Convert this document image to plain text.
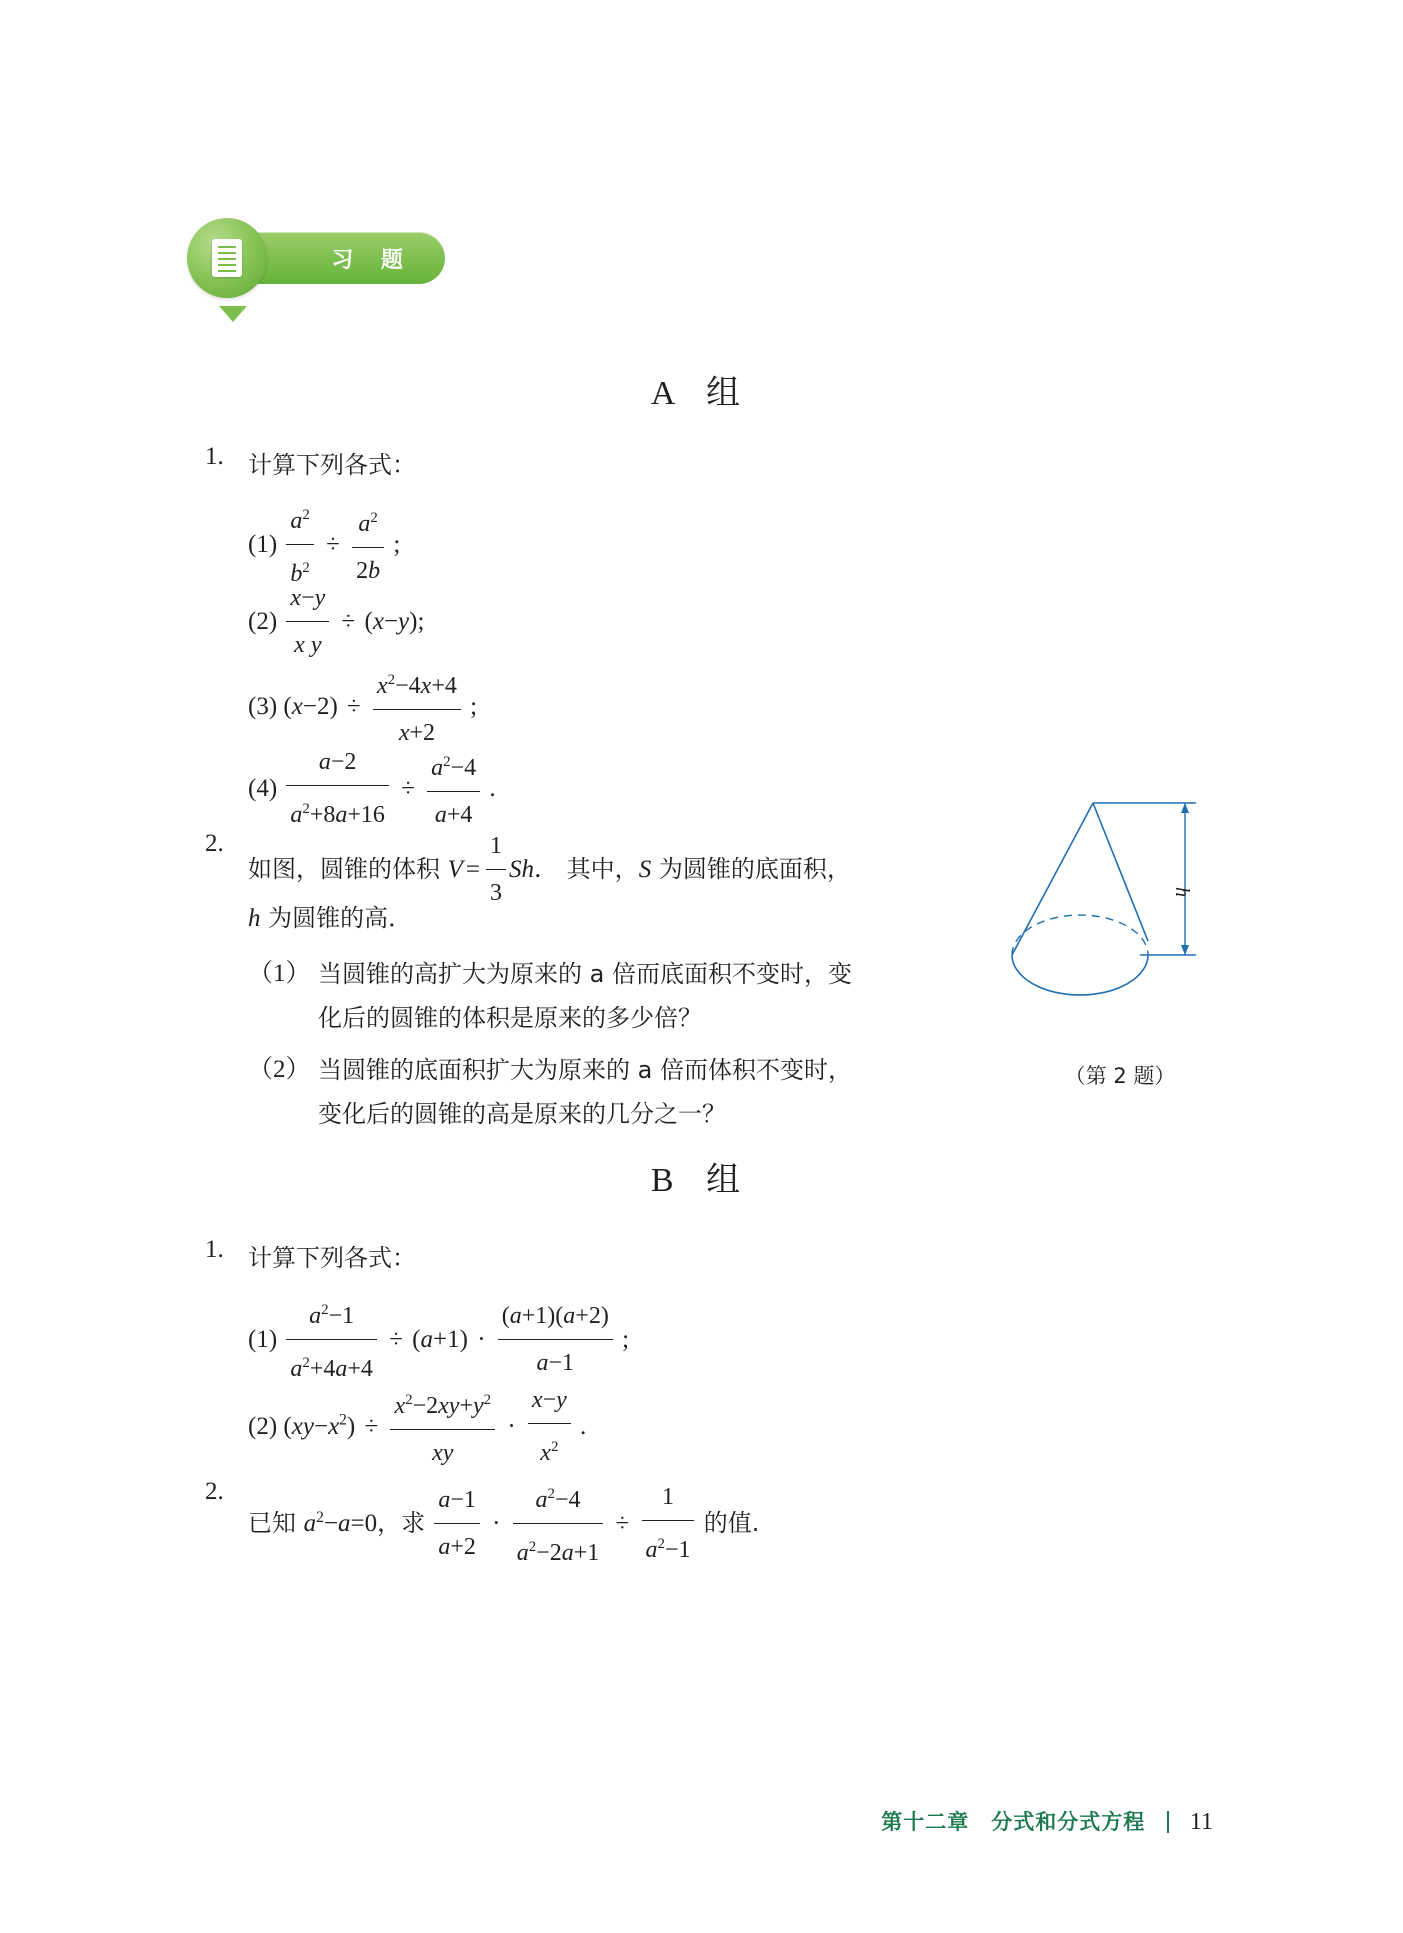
习 题
A 组
1. 计算下列各式：
$(1) \frac{a^2}{b^2} \div \frac{a^2}{2b}$ ;
$(2) \frac{x-y}{\text{x y}} \div (x-y)$;
(3) $(x-2) \div \frac{x^2-4x+4}{x+2}$ ;
$(4) \frac{a-2}{a^2+8a+16} \div \frac{a^2-4}{a+4}$ .
2.
如图，圆锥的体积 $V = \frac{1}{3}$ Sh． 其中，S 为圆锥的底面积，
h 为圆锥的高．
（1） 当圆锥的高扩大为原来的 a 倍而底面积不变时，变
化后的圆锥的体积是原来的多少倍？
（2） 当圆锥的底面积扩大为原来的 a 倍而体积不变时，
变化后的圆锥的高是原来的几分之一？
h
（第 2 题）
B 组
1. 计算下列各式：
$(1) \frac{a^2-1}{a^2+4a+4} \div (a+1) \cdot \frac{(a+1)(a+2)}{a-1}$ ;
(2) $(xy-x^2) \div \frac{x^2-2xy+y^2}{xy} \cdot \frac{x-y}{x^2}$ .
2.
已知 $a^2-a=0$，求 $\frac{a-1}{a+2} \cdot \frac{a^2-4}{a^2-2a+1} \div \frac{1}{a^2-1}$ 的值.
第十二章　分式和分式方程 11
